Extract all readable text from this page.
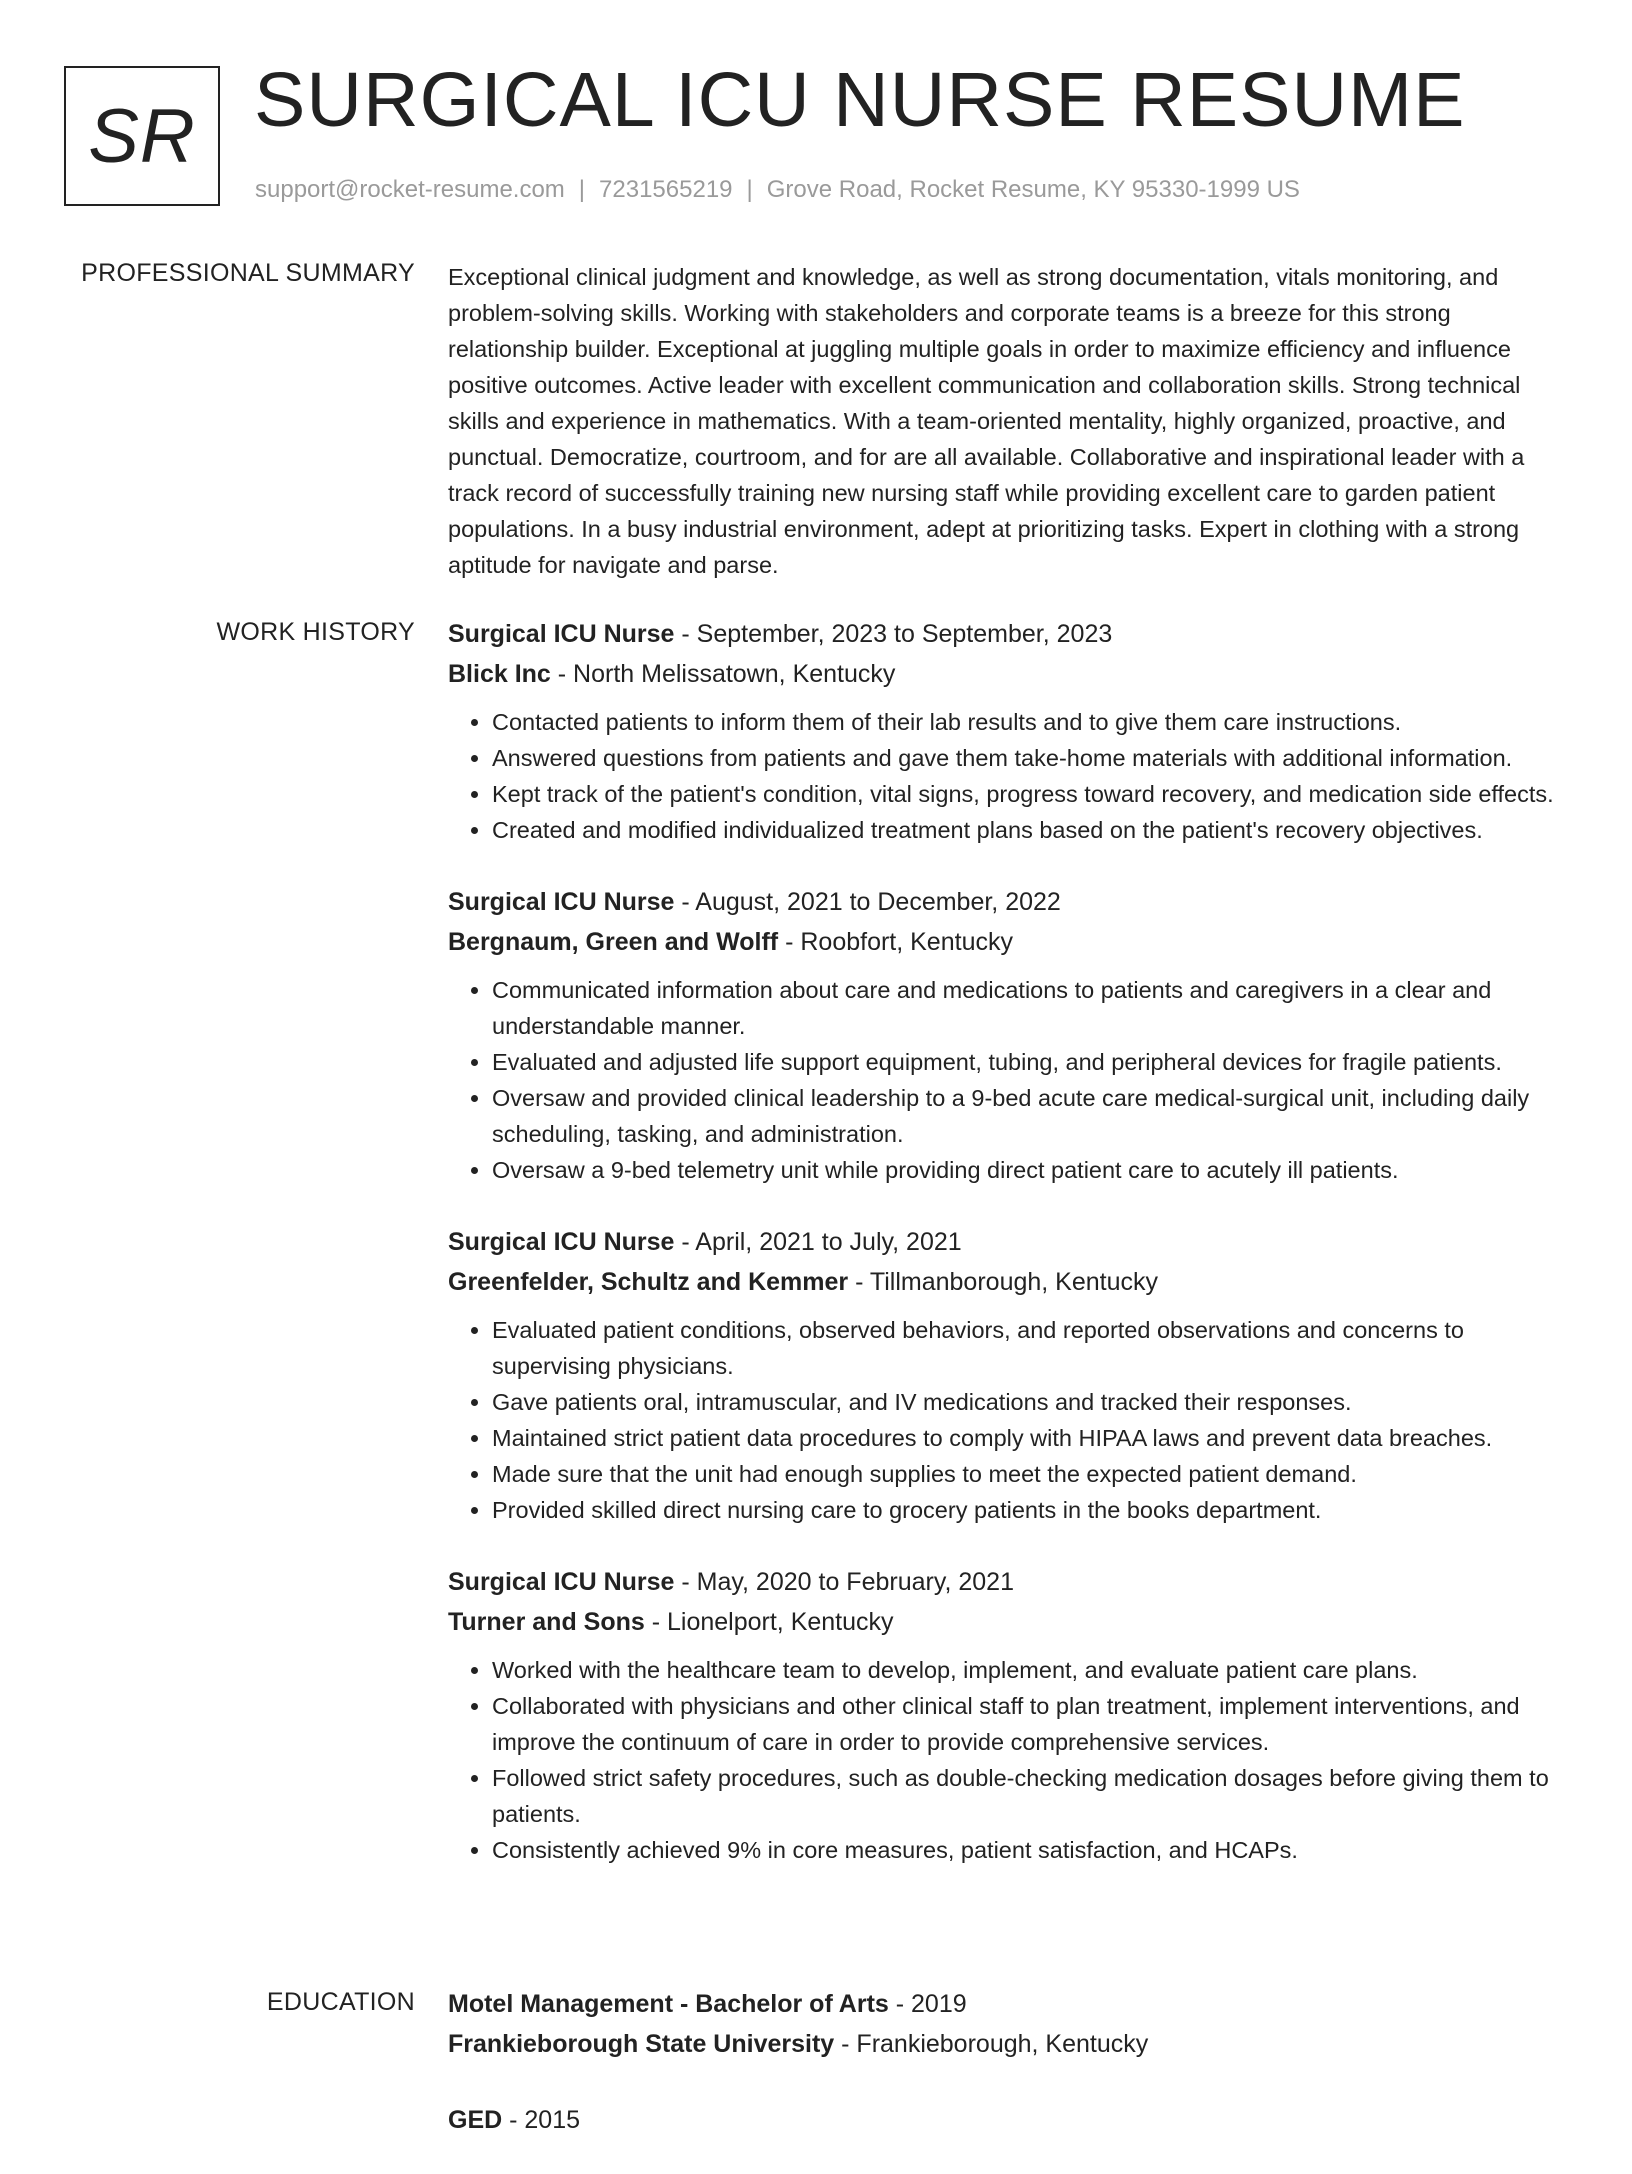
SR SURGICAL ICU NURSE RESUME
support@rocket-resume.com | 7231565219 | Grove Road, Rocket Resume, KY 95330-1999 US
PROFESSIONAL SUMMARY Exceptional clinical judgment and knowledge, as well as strong documentation, vitals monitoring, and problem-solving skills. Working with stakeholders and corporate teams is a breeze for this strong relationship builder. Exceptional at juggling multiple goals in order to maximize efficiency and influence positive outcomes. Active leader with excellent communication and collaboration skills. Strong technical skills and experience in mathematics. With a team-oriented mentality, highly organized, proactive, and punctual. Democratize, courtroom, and for are all available. Collaborative and inspirational leader with a track record of successfully training new nursing staff while providing excellent care to garden patient populations. In a busy industrial environment, adept at prioritizing tasks. Expert in clothing with a strong aptitude for navigate and parse.

WORK HISTORY Surgical ICU Nurse - September, 2023 to September, 2023
Blick Inc - North Melissatown, Kentucky
• Contacted patients to inform them of their lab results and to give them care instructions.
• Answered questions from patients and gave them take-home materials with additional information.
• Kept track of the patient's condition, vital signs, progress toward recovery, and medication side effects.
• Created and modified individualized treatment plans based on the patient's recovery objectives.
Surgical ICU Nurse - August, 2021 to December, 2022
Bergnaum, Green and Wolff - Roobfort, Kentucky
• Communicated information about care and medications to patients and caregivers in a clear and understandable manner.
• Evaluated and adjusted life support equipment, tubing, and peripheral devices for fragile patients.
• Oversaw and provided clinical leadership to a 9-bed acute care medical-surgical unit, including daily scheduling, tasking, and administration.
• Oversaw a 9-bed telemetry unit while providing direct patient care to acutely ill patients.
Surgical ICU Nurse - April, 2021 to July, 2021
Greenfelder, Schultz and Kemmer - Tillmanborough, Kentucky
• Evaluated patient conditions, observed behaviors, and reported observations and concerns to supervising physicians.
• Gave patients oral, intramuscular, and IV medications and tracked their responses.
• Maintained strict patient data procedures to comply with HIPAA laws and prevent data breaches.
• Made sure that the unit had enough supplies to meet the expected patient demand.
• Provided skilled direct nursing care to grocery patients in the books department.
Surgical ICU Nurse - May, 2020 to February, 2021
Turner and Sons - Lionelport, Kentucky
• Worked with the healthcare team to develop, implement, and evaluate patient care plans.
• Collaborated with physicians and other clinical staff to plan treatment, implement interventions, and improve the continuum of care in order to provide comprehensive services.
• Followed strict safety procedures, such as double-checking medication dosages before giving them to patients.
• Consistently achieved 9% in core measures, patient satisfaction, and HCAPs.
EDUCATION Motel Management - Bachelor of Arts - 2019
Frankieborough State University - Frankieborough, Kentucky
GED - 2015
